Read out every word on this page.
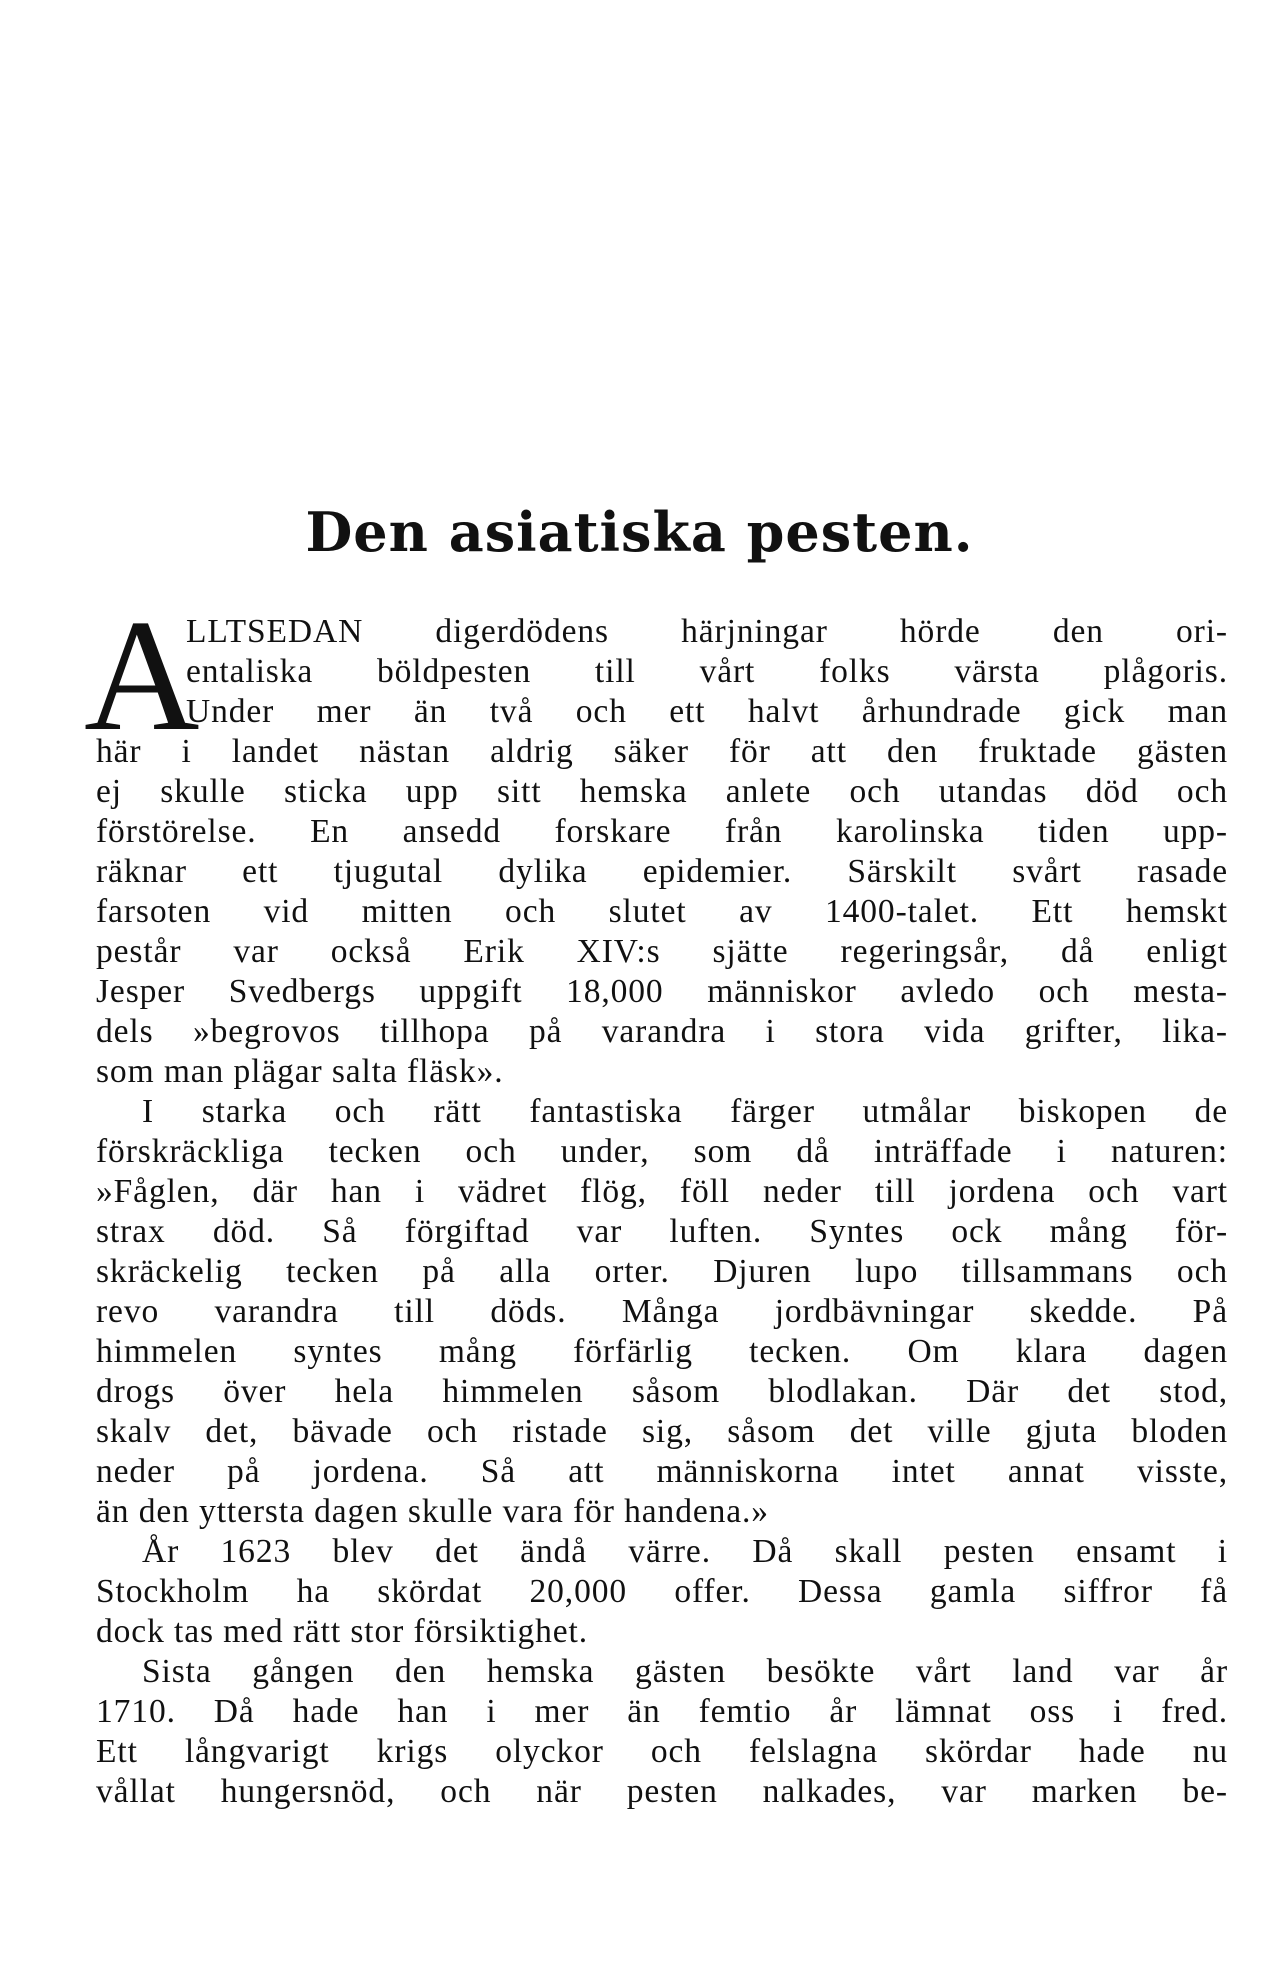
Den asiatiska pesten.
A
LLTSEDAN digerdödens härjningar hörde den ori-
entaliska böldpesten till vårt folks värsta plågoris.
Under mer än två och ett halvt århundrade gick man
här i landet nästan aldrig säker för att den fruktade gästen
ej skulle sticka upp sitt hemska anlete och utandas död och
förstörelse. En ansedd forskare från karolinska tiden upp-
räknar ett tjugutal dylika epidemier. Särskilt svårt rasade
farsoten vid mitten och slutet av 1400-talet. Ett hemskt
pestår var också Erik XIV:s sjätte regeringsår, då enligt
Jesper Svedbergs uppgift 18,000 människor avledo och mesta-
dels »begrovos tillhopa på varandra i stora vida grifter, lika-
som man plägar salta fläsk».
I starka och rätt fantastiska färger utmålar biskopen de
förskräckliga tecken och under, som då inträffade i naturen:
»Fåglen, där han i vädret flög, föll neder till jordena och vart
strax död. Så förgiftad var luften. Syntes ock mång för-
skräckelig tecken på alla orter. Djuren lupo tillsammans och
revo varandra till döds. Många jordbävningar skedde. På
himmelen syntes mång förfärlig tecken. Om klara dagen
drogs över hela himmelen såsom blodlakan. Där det stod,
skalv det, bävade och ristade sig, såsom det ville gjuta bloden
neder på jordena. Så att människorna intet annat visste,
än den yttersta dagen skulle vara för handena.»
År 1623 blev det ändå värre. Då skall pesten ensamt i
Stockholm ha skördat 20,000 offer. Dessa gamla siffror få
dock tas med rätt stor försiktighet.
Sista gången den hemska gästen besökte vårt land var år
1710. Då hade han i mer än femtio år lämnat oss i fred.
Ett långvarigt krigs olyckor och felslagna skördar hade nu
vållat hungersnöd, och när pesten nalkades, var marken be-
